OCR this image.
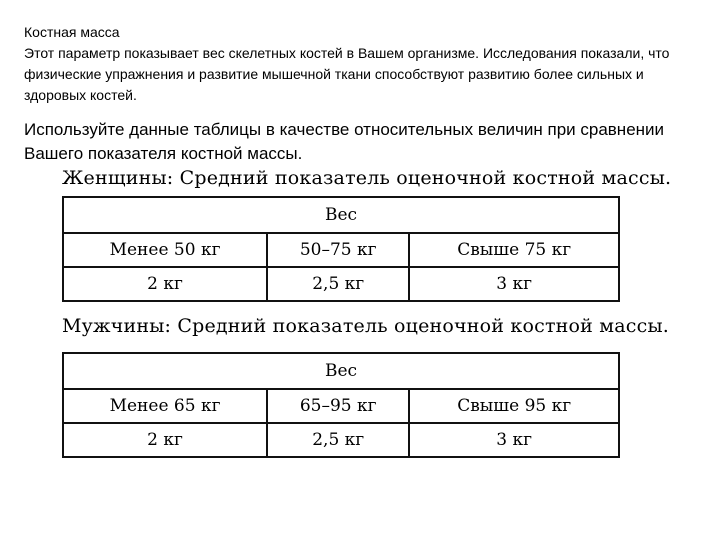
Костная масса
Этот параметр показывает вес скелетных костей в Вашем организме. Исследования показали, что физические упражнения и развитие мышечной ткани способствуют развитию более сильных и здоровых костей.
Используйте данные таблицы в качестве относительных величин при сравнении Вашего показателя костной массы.
Женщины: Средний показатель оценочной костной массы.
Вес		
Менее 50 кг	50–75 кг	Свыше 75 кг
2 кг	2,5 кг	3 кг
Мужчины: Средний показатель оценочной костной массы.
Вес		
Менее 65 кг	65–95 кг	Свыше 95 кг
2 кг	2,5 кг	3 кг
